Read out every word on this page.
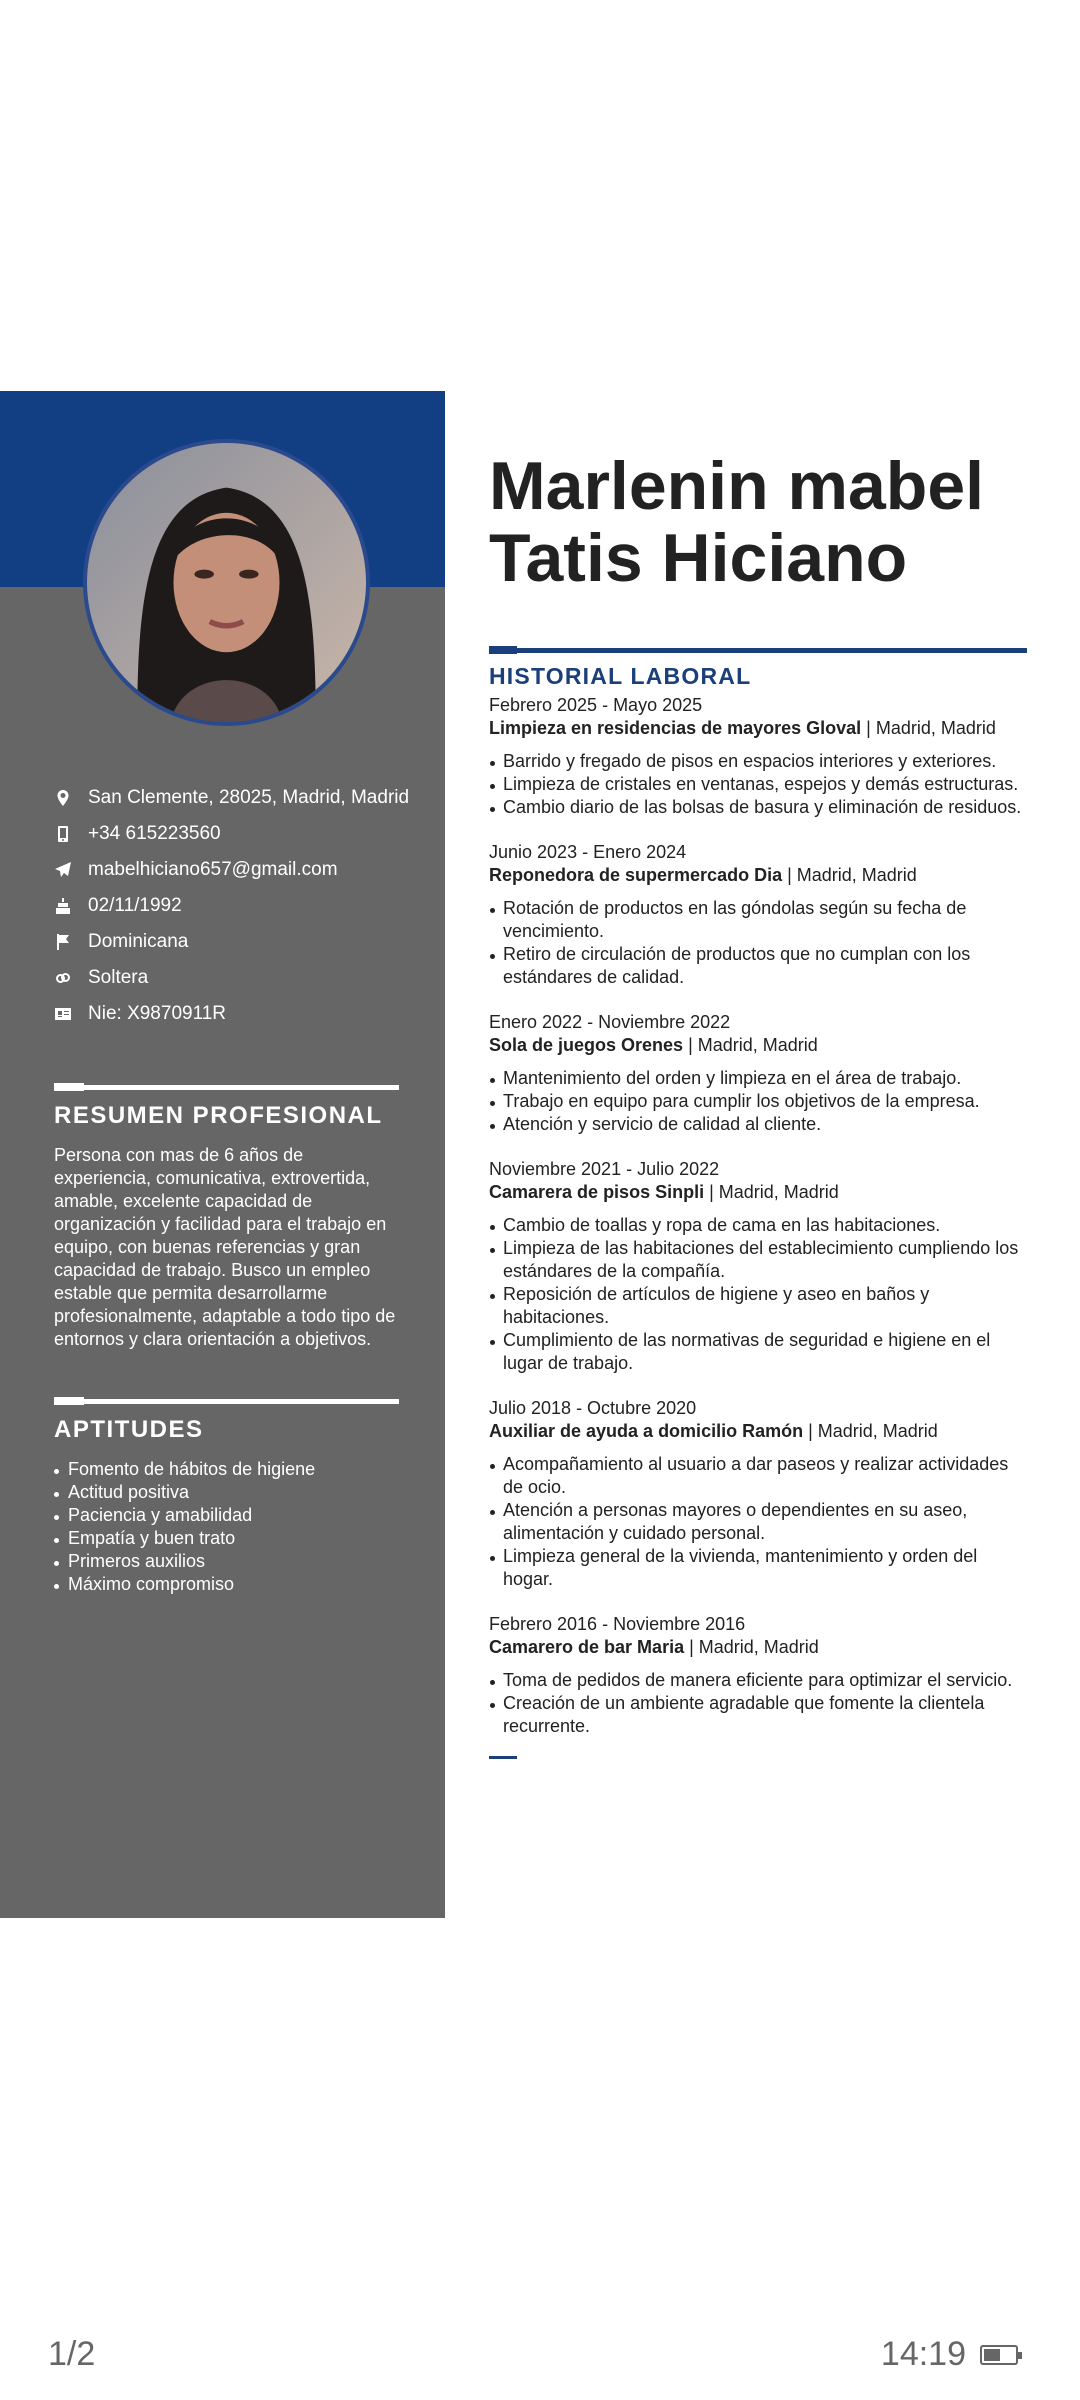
San Clemente, 28025, Madrid, Madrid
+34 615223560
mabelhiciano657@gmail.com
02/11/1992
Dominicana
Soltera
Nie: X9870911R
RESUMEN PROFESIONAL
Persona con mas de 6 años de experiencia, comunicativa, extrovertida, amable, excelente capacidad de organización y facilidad para el trabajo en equipo, con buenas referencias y gran capacidad de trabajo. Busco un empleo estable que permita desarrollarme profesionalmente, adaptable a todo tipo de entornos y clara orientación a objetivos.
APTITUDES
Fomento de hábitos de higiene
Actitud positiva
Paciencia y amabilidad
Empatía y buen trato
Primeros auxilios
Máximo compromiso
Marlenin mabel
Tatis Hiciano
HISTORIAL LABORAL
Febrero 2025 - Mayo 2025
Limpieza en residencias de mayores Gloval | Madrid, Madrid
Barrido y fregado de pisos en espacios interiores y exteriores.
Limpieza de cristales en ventanas, espejos y demás estructuras.
Cambio diario de las bolsas de basura y eliminación de residuos.
Junio 2023 - Enero 2024
Reponedora de supermercado Dia | Madrid, Madrid
Rotación de productos en las góndolas según su fecha de vencimiento.
Retiro de circulación de productos que no cumplan con los estándares de calidad.
Enero 2022 - Noviembre 2022
Sola de juegos Orenes | Madrid, Madrid
Mantenimiento del orden y limpieza en el área de trabajo.
Trabajo en equipo para cumplir los objetivos de la empresa.
Atención y servicio de calidad al cliente.
Noviembre 2021 - Julio 2022
Camarera de pisos Sinpli | Madrid, Madrid
Cambio de toallas y ropa de cama en las habitaciones.
Limpieza de las habitaciones del establecimiento cumpliendo los estándares de la compañía.
Reposición de artículos de higiene y aseo en baños y habitaciones.
Cumplimiento de las normativas de seguridad e higiene en el lugar de trabajo.
Julio 2018 - Octubre 2020
Auxiliar de ayuda a domicilio Ramón | Madrid, Madrid
Acompañamiento al usuario a dar paseos y realizar actividades de ocio.
Atención a personas mayores o dependientes en su aseo, alimentación y cuidado personal.
Limpieza general de la vivienda, mantenimiento y orden del hogar.
Febrero 2016 - Noviembre 2016
Camarero de bar Maria | Madrid, Madrid
Toma de pedidos de manera eficiente para optimizar el servicio.
Creación de un ambiente agradable que fomente la clientela recurrente.
1/2	14:19
